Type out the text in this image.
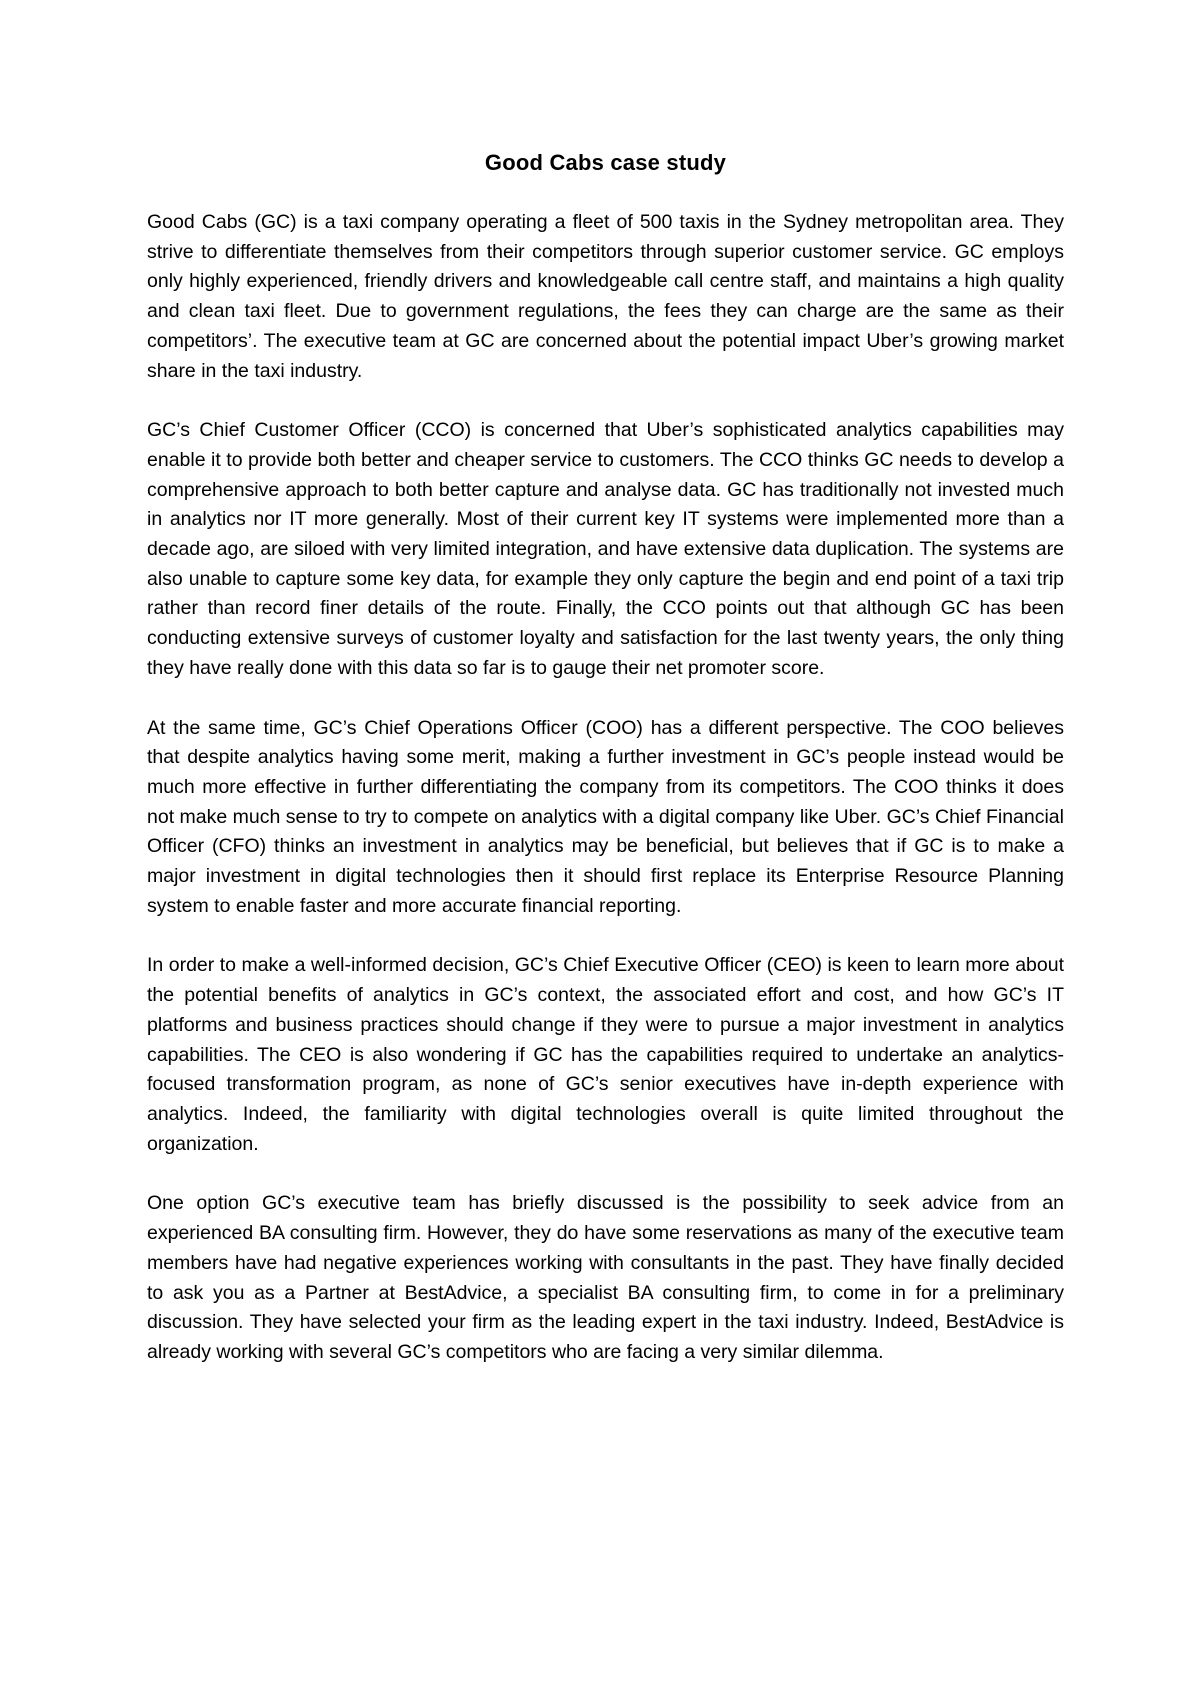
Good Cabs case study

Good Cabs (GC) is a taxi company operating a fleet of 500 taxis in the Sydney metropolitan area. They strive to differentiate themselves from their competitors through superior customer service. GC employs only highly experienced, friendly drivers and knowledgeable call centre staff, and maintains a high quality and clean taxi fleet. Due to government regulations, the fees they can charge are the same as their competitors’. The executive team at GC are concerned about the potential impact Uber’s growing market share in the taxi industry.

GC’s Chief Customer Officer (CCO) is concerned that Uber’s sophisticated analytics capabilities may enable it to provide both better and cheaper service to customers. The CCO thinks GC needs to develop a comprehensive approach to both better capture and analyse data. GC has traditionally not invested much in analytics nor IT more generally. Most of their current key IT systems were implemented more than a decade ago, are siloed with very limited integration, and have extensive data duplication. The systems are also unable to capture some key data, for example they only capture the begin and end point of a taxi trip rather than record finer details of the route. Finally, the CCO points out that although GC has been conducting extensive surveys of customer loyalty and satisfaction for the last twenty years, the only thing they have really done with this data so far is to gauge their net promoter score.

At the same time, GC’s Chief Operations Officer (COO) has a different perspective. The COO believes that despite analytics having some merit, making a further investment in GC’s people instead would be much more effective in further differentiating the company from its competitors. The COO thinks it does not make much sense to try to compete on analytics with a digital company like Uber. GC’s Chief Financial Officer (CFO) thinks an investment in analytics may be beneficial, but believes that if GC is to make a major investment in digital technologies then it should first replace its Enterprise Resource Planning system to enable faster and more accurate financial reporting.

In order to make a well-informed decision, GC’s Chief Executive Officer (CEO) is keen to learn more about the potential benefits of analytics in GC’s context, the associated effort and cost, and how GC’s IT platforms and business practices should change if they were to pursue a major investment in analytics capabilities. The CEO is also wondering if GC has the capabilities required to undertake an analytics-focused transformation program, as none of GC’s senior executives have in-depth experience with analytics. Indeed, the familiarity with digital technologies overall is quite limited throughout the organization.

One option GC’s executive team has briefly discussed is the possibility to seek advice from an experienced BA consulting firm. However, they do have some reservations as many of the executive team members have had negative experiences working with consultants in the past. They have finally decided to ask you as a Partner at BestAdvice, a specialist BA consulting firm, to come in for a preliminary discussion. They have selected your firm as the leading expert in the taxi industry. Indeed, BestAdvice is already working with several GC’s competitors who are facing a very similar dilemma.
